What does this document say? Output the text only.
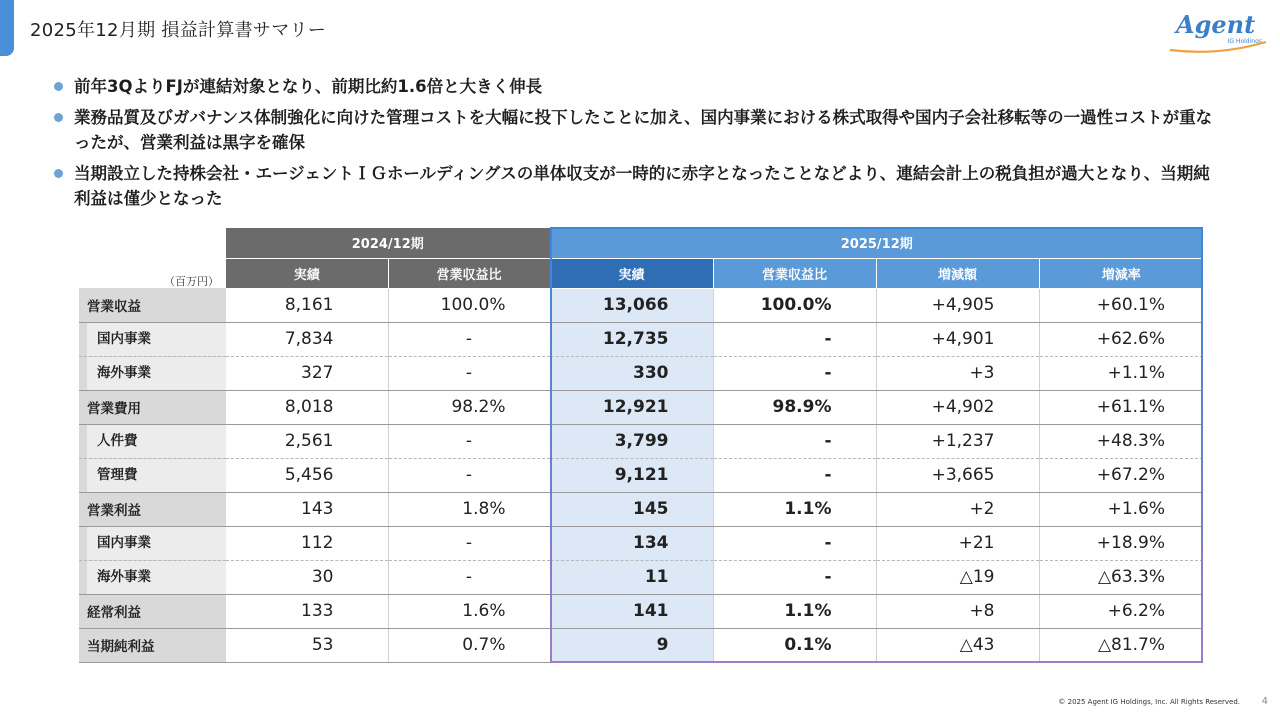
2025年12月期 損益計算書サマリー	Agent
IG Holdings
前年3QよりFJが連結対象となり、前期比約1.6倍と大きく伸長
業務品質及びガバナンス体制強化に向けた管理コストを大幅に投下したことに加え、国内事業における株式取得や国内子会社移転等の一過性コストが重なったが、営業利益は黒字を確保
当期設立した持株会社・エージェントＩＧホールディングスの単体収支が一時的に赤字となったことなどより、連結会計上の税負担が過大となり、当期純利益は僅少となった
（百万円）
	2024/12期		2025/12期			
	実績	営業収益比	実績	営業収益比	増減額	増減率
営業収益	8,161	100.0%	13,066	100.0%	+4,905	+60.1%

国内事業	7,834	-	12,735	-	+4,901	+62.6%

海外事業	327	-	330	-	+3	+1.1%
営業費用	8,018	98.2%	12,921	98.9%	+4,902	+61.1%

人件費	2,561	-	3,799	-	+1,237	+48.3%

管理費	5,456	-	9,121	-	+3,665	+67.2%
営業利益	143	1.8%	145	1.1%	+2	+1.6%

国内事業	112	-	134	-	+21	+18.9%

海外事業	30	-	11	-	△19	△63.3%
経常利益	133	1.6%	141	1.1%	+8	+6.2%
当期純利益	53	0.7%	9	0.1%	△43	△81.7%
© 2025 Agent IG Holdings, Inc. All Rights Reserved. 4
